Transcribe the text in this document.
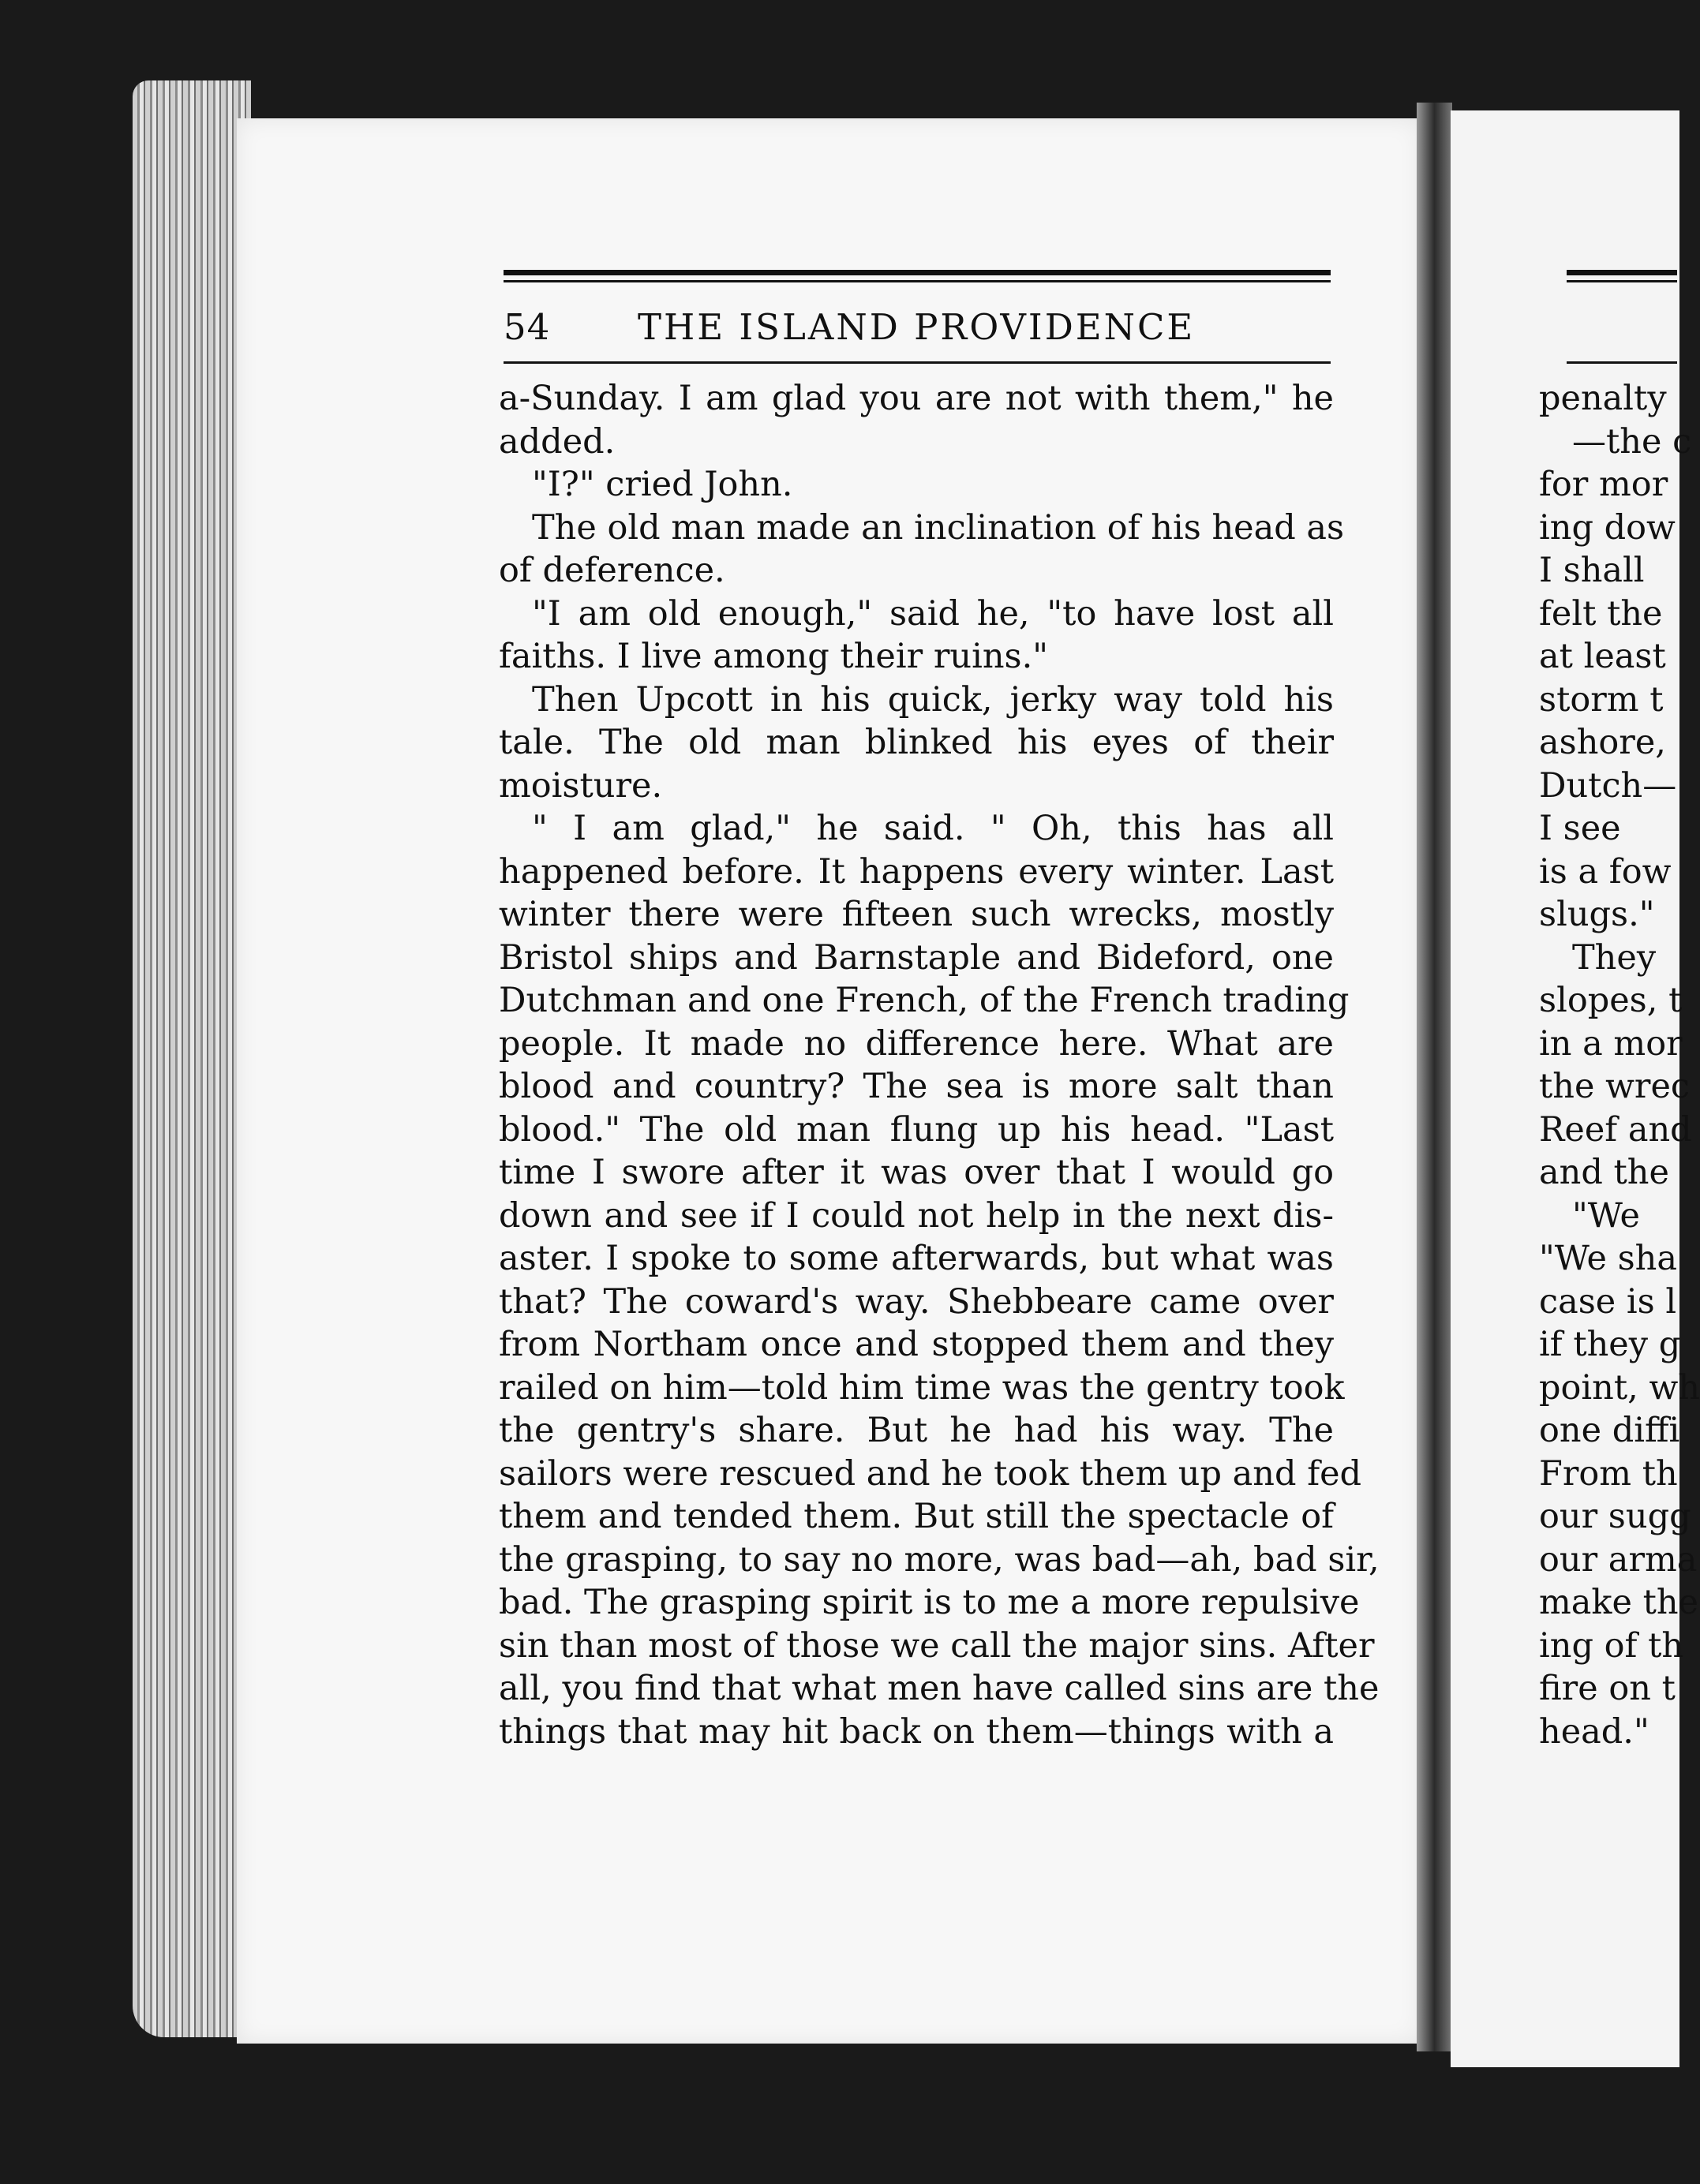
54 THE ISLAND PROVIDENCE
a-Sunday. I am glad you are not with them," he
added.
"I?" cried John.
The old man made an inclination of his head as
of deference.
"I am old enough," said he, "to have lost all
faiths. I live among their ruins."
Then Upcott in his quick, jerky way told his
tale. The old man blinked his eyes of their
moisture.
" I am glad," he said. " Oh, this has all
happened before. It happens every winter. Last
winter there were fifteen such wrecks, mostly
Bristol ships and Barnstaple and Bideford, one
Dutchman and one French, of the French trading
people. It made no difference here. What are
blood and country? The sea is more salt than
blood." The old man flung up his head. "Last
time I swore after it was over that I would go
down and see if I could not help in the next dis-
aster. I spoke to some afterwards, but what was
that? The coward's way. Shebbeare came over
from Northam once and stopped them and they
railed on him—told him time was the gentry took
the gentry's share. But he had his way. The
sailors were rescued and he took them up and fed
them and tended them. But still the spectacle of
the grasping, to say no more, was bad—ah, bad sir,
bad. The grasping spirit is to me a more repulsive
sin than most of those we call the major sins. After
all, you find that what men have called sins are the
things that may hit back on them—things with a
penalty
—the c
for mor
ing dow
I shall
felt the
at least
storm t
ashore,
Dutch—
I see
is a fow
slugs."
They
slopes, t
in a mor
the wrec
Reef and
and the
"We
"We sha
case is l
if they g
point, wh
one diffi
From th
our sugg
our arma
make the
ing of th
fire on t
head."
